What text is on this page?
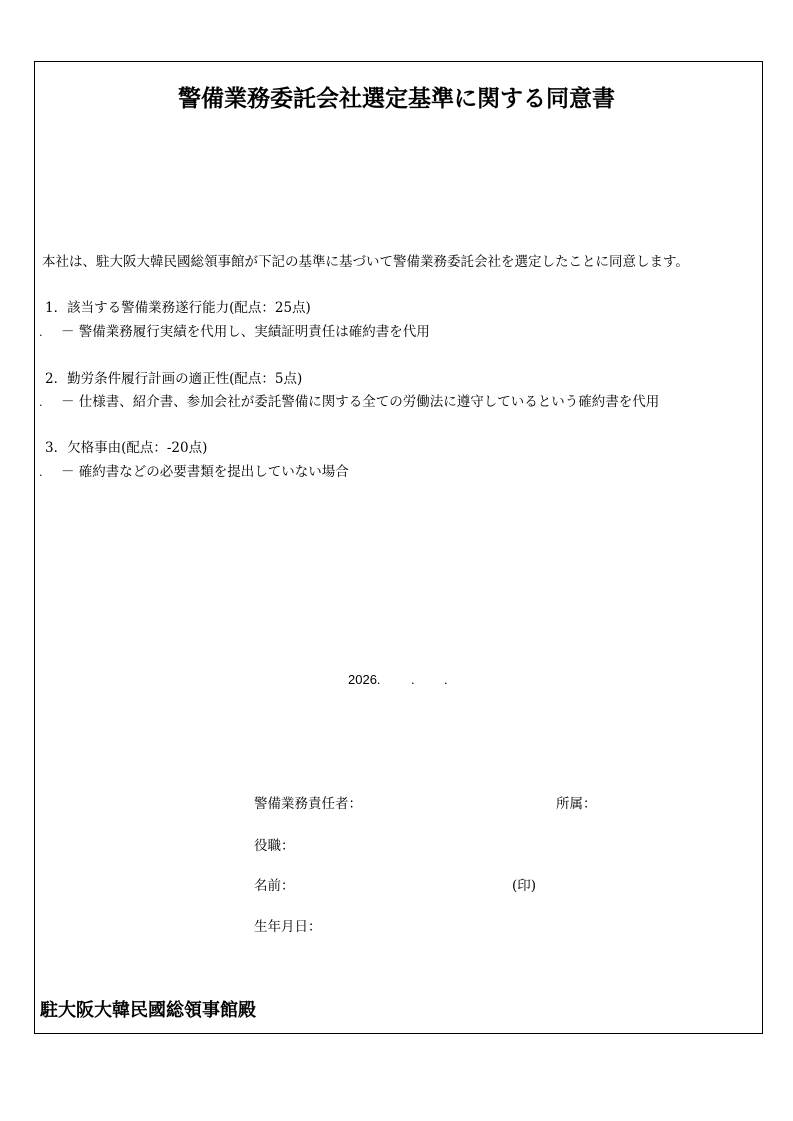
警備業務委託会社選定基準に関する同意書
本社は、駐大阪大韓民國総領事館が下記の基準に基づいて警備業務委託会社を選定したことに同意します。
1．該当する警備業務遂行能力(配点：25点)
. － 警備業務履行実績を代用し、実績証明責任は確約書を代用
2．勤労条件履行計画の適正性(配点：5点)
. － 仕様書、紹介書、参加会社が委託警備に関する全ての労働法に遵守しているという確約書を代用
3．欠格事由(配点：-20点)
. － 確約書などの必要書類を提出していない場合
2026. . .
警備業務責任者：	所属：
役職：
名前：	(印)
生年月日：
駐大阪大韓民國総領事館殿
